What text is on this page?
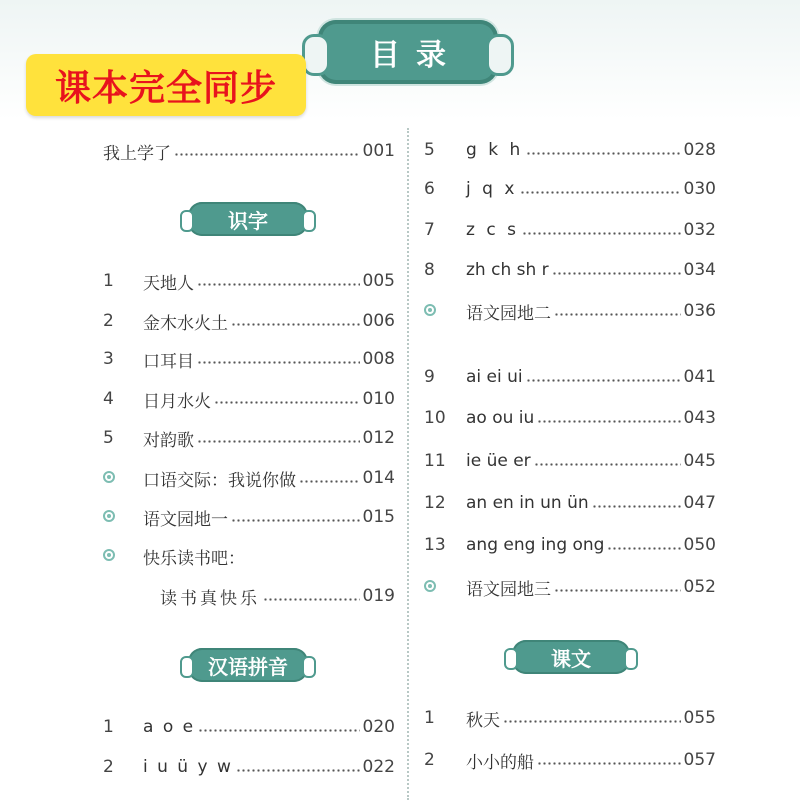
目录
课本完全同步
我上学了	001
识字
1	天地人	005
2	金木水火土	006
3	口耳目	008
4	日月水火	010
5	对韵歌	012
口语交际：我说你做	014
语文园地一	015
快乐读书吧：
读书真快乐	019
汉语拼音
1	a o e	020
2	i u ü y w	022
5	g k h	028
6	j q x	030
7	z c s	032
8	zh ch sh r	034
语文园地二	036
9	ai ei ui	041
10	ao ou iu	043
11	ie üe er	045
12	an en in un ün	047
13	ang eng ing ong	050
语文园地三	052
课文
1	秋天	055
2	小小的船	057
